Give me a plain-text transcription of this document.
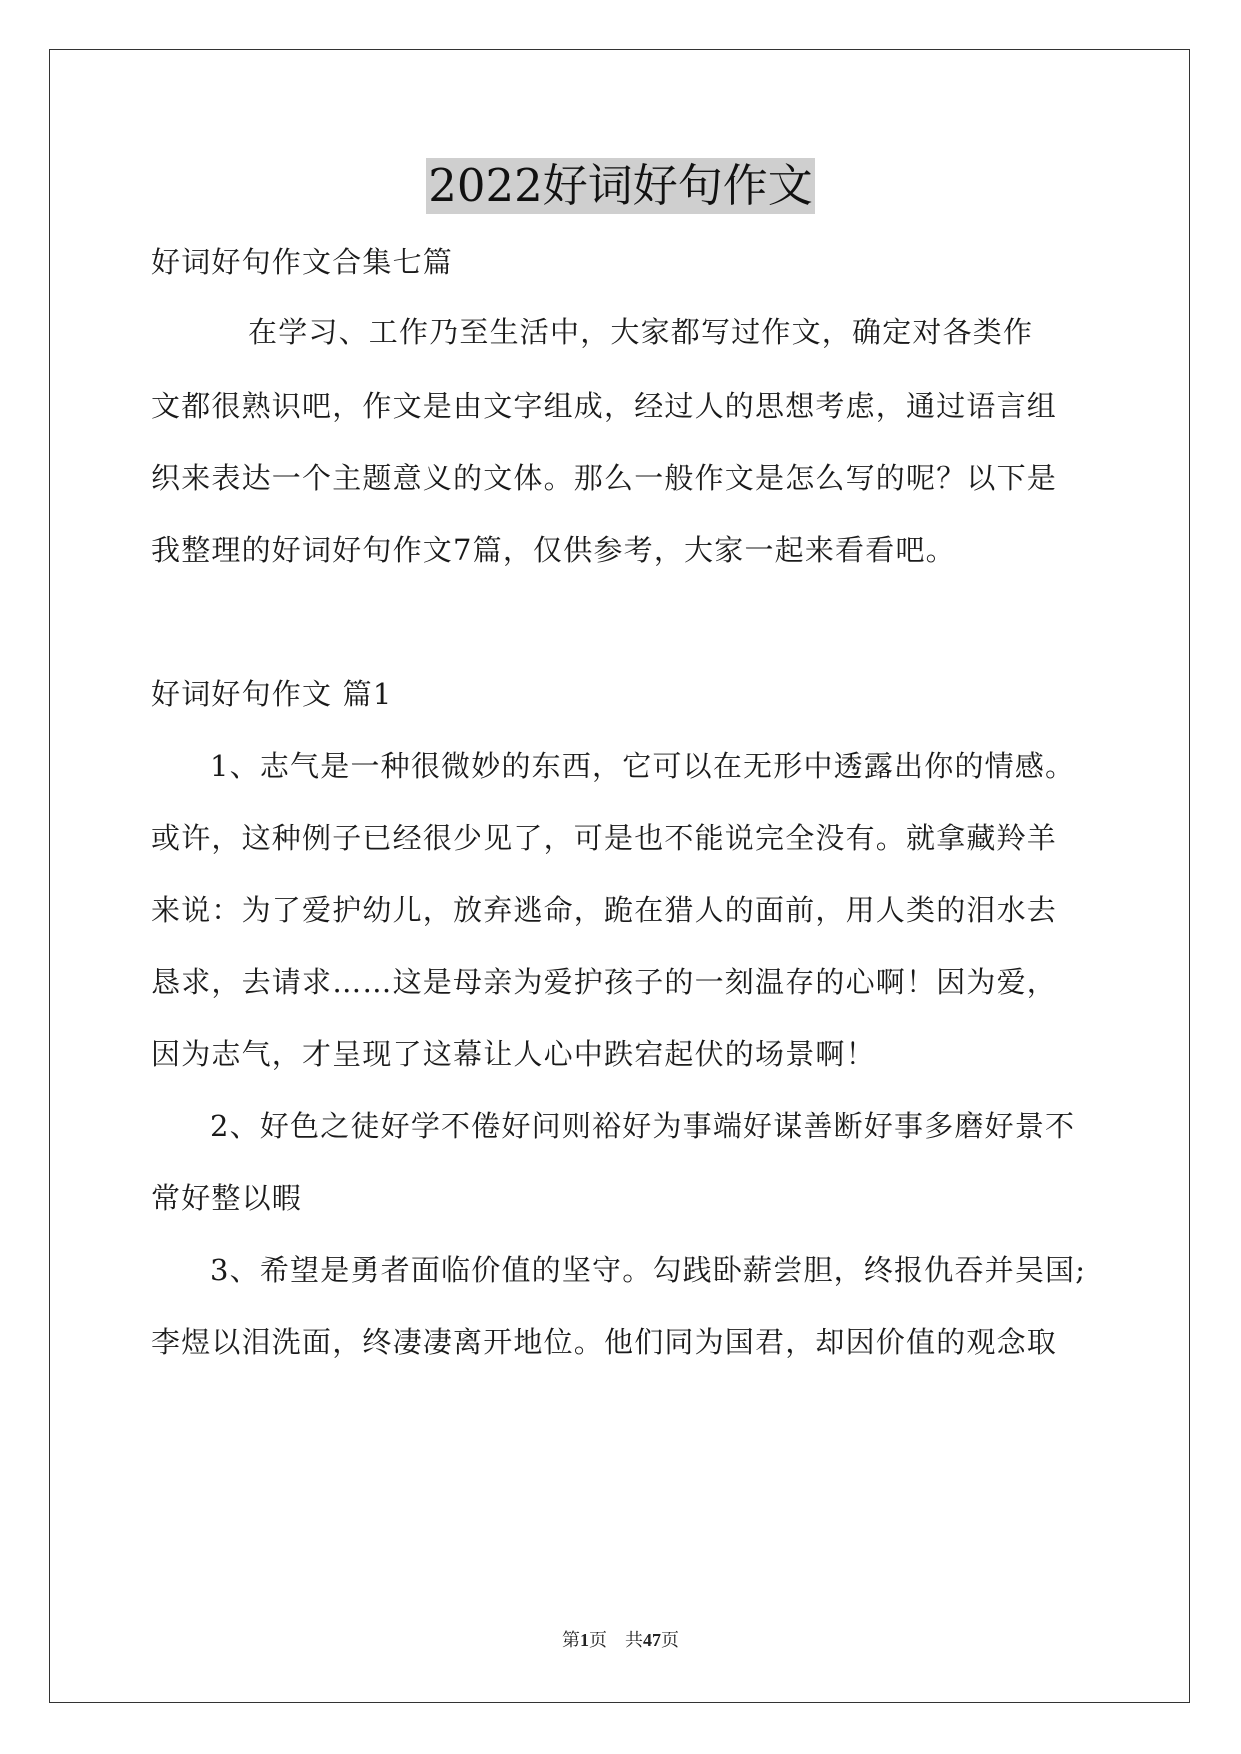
2022好词好句作文
好词好句作文合集七篇
在学习、工作乃至生活中，大家都写过作文，确定对各类作
文都很熟识吧，作文是由文字组成，经过人的思想考虑，通过语言组
织来表达一个主题意义的文体。那么一般作文是怎么写的呢？以下是
我整理的好词好句作文7篇，仅供参考，大家一起来看看吧。
好词好句作文 篇1
1、志气是一种很微妙的东西，它可以在无形中透露出你的情感。
或许，这种例子已经很少见了，可是也不能说完全没有。就拿藏羚羊
来说：为了爱护幼儿，放弃逃命，跪在猎人的面前，用人类的泪水去
恳求，去请求……这是母亲为爱护孩子的一刻温存的心啊！因为爱，
因为志气，才呈现了这幕让人心中跌宕起伏的场景啊！
2、好色之徒好学不倦好问则裕好为事端好谋善断好事多磨好景不
常好整以暇
3、希望是勇者面临价值的坚守。勾践卧薪尝胆，终报仇吞并吴国;
李煜以泪洗面，终凄凄离开地位。他们同为国君，却因价值的观念取
第1页　共47页
